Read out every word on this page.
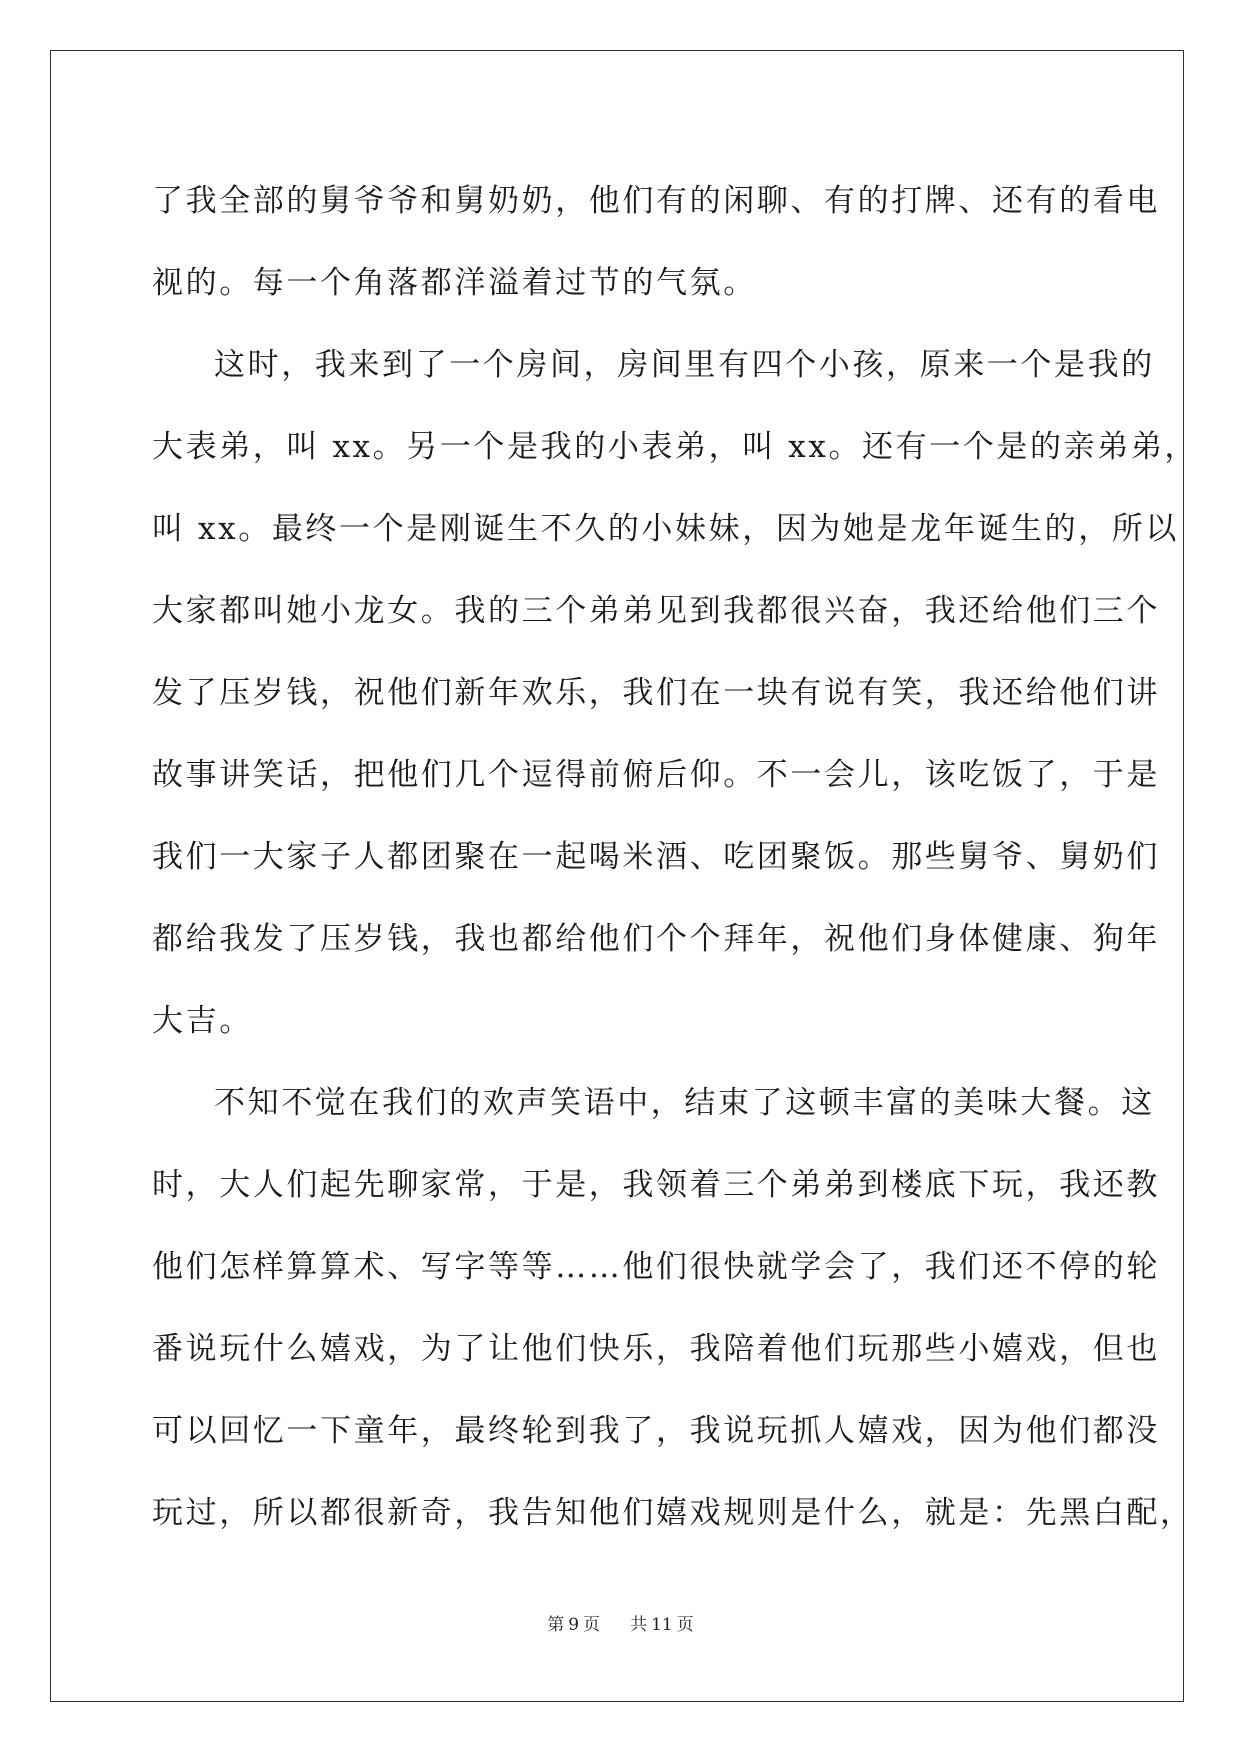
了我全部的舅爷爷和舅奶奶，他们有的闲聊、有的打牌、还有的看电
视的。每一个角落都洋溢着过节的气氛。

这时，我来到了一个房间，房间里有四个小孩，原来一个是我的
大表弟，叫 xx。另一个是我的小表弟，叫 xx。还有一个是的亲弟弟，
叫 xx。最终一个是刚诞生不久的小妹妹，因为她是龙年诞生的，所以
大家都叫她小龙女。我的三个弟弟见到我都很兴奋，我还给他们三个
发了压岁钱，祝他们新年欢乐，我们在一块有说有笑，我还给他们讲
故事讲笑话，把他们几个逗得前俯后仰。不一会儿，该吃饭了，于是
我们一大家子人都团聚在一起喝米酒、吃团聚饭。那些舅爷、舅奶们
都给我发了压岁钱，我也都给他们个个拜年，祝他们身体健康、狗年
大吉。

不知不觉在我们的欢声笑语中，结束了这顿丰富的美味大餐。这
时，大人们起先聊家常，于是，我领着三个弟弟到楼底下玩，我还教
他们怎样算算术、写字等等……他们很快就学会了，我们还不停的轮
番说玩什么嬉戏，为了让他们快乐，我陪着他们玩那些小嬉戏，但也
可以回忆一下童年，最终轮到我了，我说玩抓人嬉戏，因为他们都没
玩过，所以都很新奇，我告知他们嬉戏规则是什么，就是：先黑白配，

第 9 页 共 11 页
